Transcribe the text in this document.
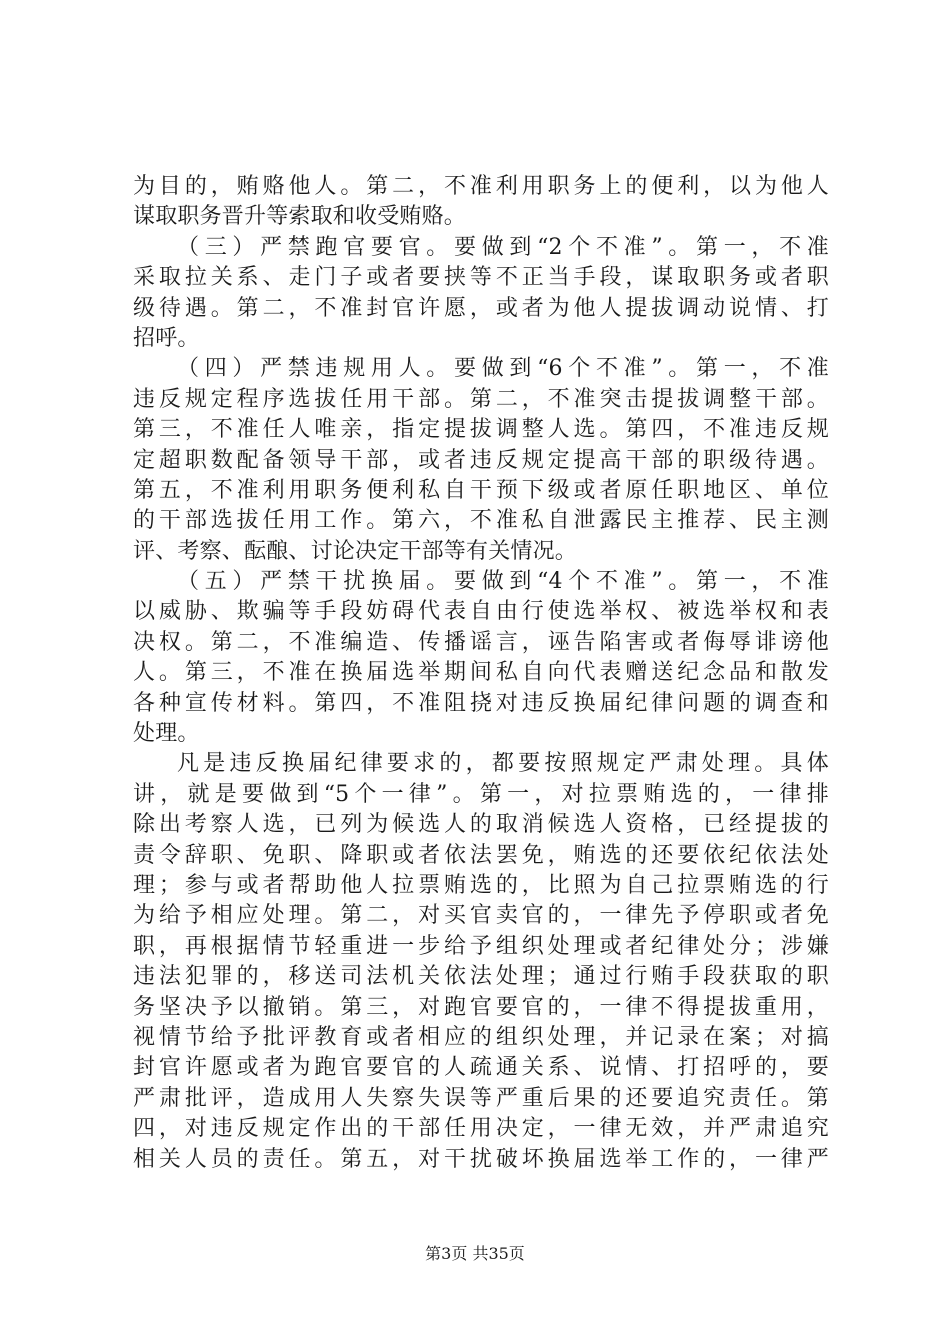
为目的，贿赂他人。第二，不准利用职务上的便利，以为他人
谋取职务晋升等索取和收受贿赂。
（三）严禁跑官要官。要做到“2个不准”。第一，不准
采取拉关系、走门子或者要挟等不正当手段，谋取职务或者职
级待遇。第二，不准封官许愿，或者为他人提拔调动说情、打
招呼。
（四）严禁违规用人。要做到“6个不准”。第一，不准
违反规定程序选拔任用干部。第二，不准突击提拔调整干部。
第三，不准任人唯亲，指定提拔调整人选。第四，不准违反规
定超职数配备领导干部，或者违反规定提高干部的职级待遇。
第五，不准利用职务便利私自干预下级或者原任职地区、单位
的干部选拔任用工作。第六，不准私自泄露民主推荐、民主测
评、考察、酝酿、讨论决定干部等有关情况。
（五）严禁干扰换届。要做到“4个不准”。第一，不准
以威胁、欺骗等手段妨碍代表自由行使选举权、被选举权和表
决权。第二，不准编造、传播谣言，诬告陷害或者侮辱诽谤他
人。第三，不准在换届选举期间私自向代表赠送纪念品和散发
各种宣传材料。第四，不准阻挠对违反换届纪律问题的调查和
处理。
凡是违反换届纪律要求的，都要按照规定严肃处理。具体
讲，就是要做到“5个一律”。第一，对拉票贿选的，一律排
除出考察人选，已列为候选人的取消候选人资格，已经提拔的
责令辞职、免职、降职或者依法罢免，贿选的还要依纪依法处
理；参与或者帮助他人拉票贿选的，比照为自己拉票贿选的行
为给予相应处理。第二，对买官卖官的，一律先予停职或者免
职，再根据情节轻重进一步给予组织处理或者纪律处分；涉嫌
违法犯罪的，移送司法机关依法处理；通过行贿手段获取的职
务坚决予以撤销。第三，对跑官要官的，一律不得提拔重用，
视情节给予批评教育或者相应的组织处理，并记录在案；对搞
封官许愿或者为跑官要官的人疏通关系、说情、打招呼的，要
严肃批评，造成用人失察失误等严重后果的还要追究责任。第
四，对违反规定作出的干部任用决定，一律无效，并严肃追究
相关人员的责任。第五，对干扰破坏换届选举工作的，一律严
第3页 共35页
